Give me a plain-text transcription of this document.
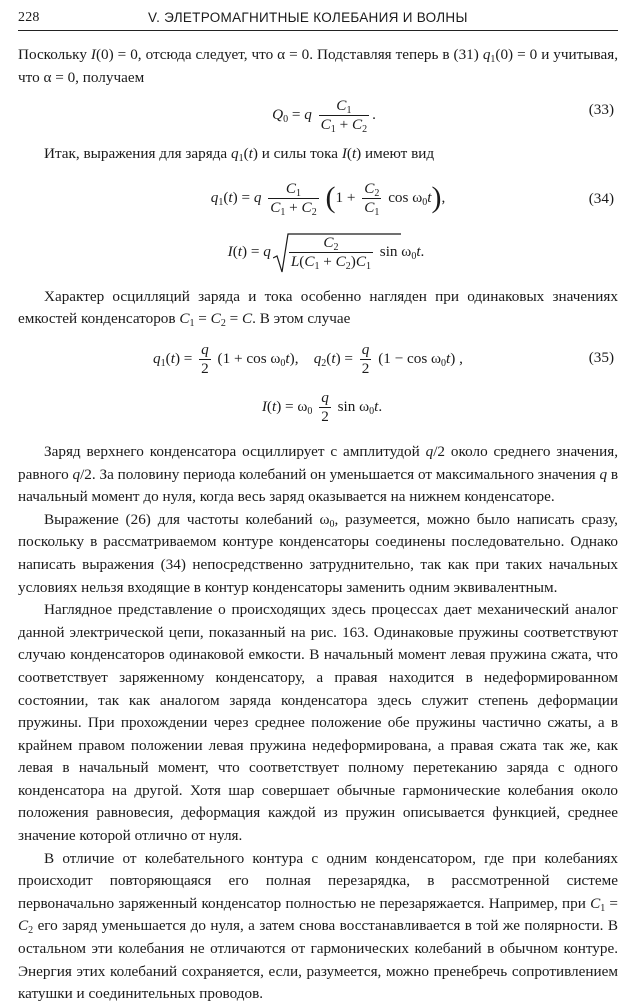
228	V. ЭЛЕТРОМАГНИТНЫЕ КОЛЕБАНИЯ И ВОЛНЫ

Поскольку I(0) = 0, отсюда следует, что α = 0. Подставляя теперь в (31) $q_1(0) = 0$ и учитывая, что α = 0, получаем

$Q_0 = q \frac{C_1}{C_1 + C_2}$ .	(33)

Итак, выражения для заряда $q_1(t)$ и силы тока I(t) имеют вид

$q_1(t) = q \frac{C_1}{C_1 + C_2} (1 + \frac{C_2}{C_1}$ $\cos \omega_0t$),	(34)
I(t) = q $\frac{C_2}{L(C_1 + C_2)C_1}$ $\sin \omega_0t$.

Характер осцилляций заряда и тока особенно нагляден при одинаковых значениях емкостей конденсаторов $C_1 = C_2 = C$. В этом случае

$q_1(t) = \frac{q}{2} (1 + \cos \omega_0t)$,    $q_2(t) = \frac{q}{2} (1 - \cos \omega_0t)$ ,	(35)
$I(t) = \omega_0 \frac{q}{2}$ $\sin \omega_0t$.

Заряд верхнего конденсатора осциллирует с амплитудой q/2 около среднего значения, равного q/2. За половину периода колебаний он уменьшается от максимального значения q в начальный момент до нуля, когда весь заряд оказывается на нижнем конденсаторе.

Выражение (26) для частоты колебаний $\omega_0$, разумеется, можно было написать сразу, поскольку в рассматриваемом контуре конденсаторы соединены последовательно. Однако написать выражения (34) непосредственно затруднительно, так как при таких начальных условиях нельзя входящие в контур конденсаторы заменить одним эквивалентным.

Наглядное представление о происходящих здесь процессах дает механический аналог данной электрической цепи, показанный на рис. 163. Одинаковые пружины соответствуют случаю конденсаторов одинаковой емкости. В начальный момент левая пружина сжата, что соответствует заряженному конденсатору, а правая находится в недеформированном состоянии, так как аналогом заряда конденсатора здесь служит степень деформации пружины. При прохождении через среднее положение обе пружины частично сжаты, а в крайнем правом положении левая пружина недеформирована, а правая сжата так же, как левая в начальный момент, что соответствует полному перетеканию заряда с одного конденсатора на другой. Хотя шар совершает обычные гармонические колебания около положения равновесия, деформация каждой из пружин описывается функцией, среднее значение которой отлично от нуля.

В отличие от колебательного контура с одним конденсатором, где при колебаниях происходит повторяющаяся его полная перезарядка, в рассмотренной системе первоначально заряженный конденсатор полностью не перезаряжается. Например, при $C_1 = C_2$ его заряд уменьшается до нуля, а затем снова восстанавливается в той же полярности. В остальном эти колебания не отличаются от гармонических колебаний в обычном контуре. Энергия этих колебаний сохраняется, если, разумеется, можно пренебречь сопротивлением катушки и соединительных проводов.
